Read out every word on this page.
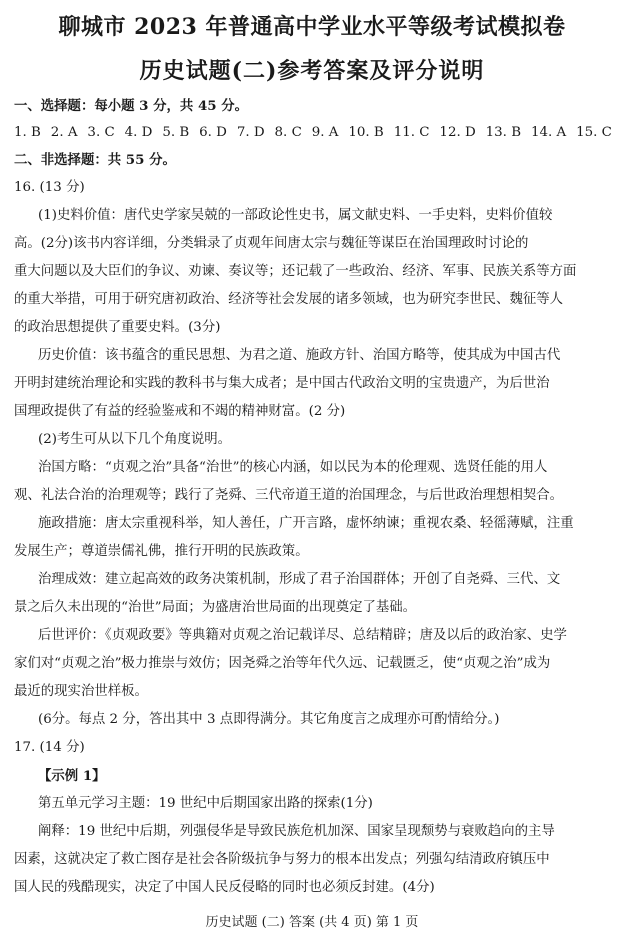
聊城市 2023 年普通高中学业水平等级考试模拟卷
历史试题(二)参考答案及评分说明
一、选择题：每小题 3 分，共 45 分。
1. B 2. A 3. C 4. D 5. B 6. D 7. D 8. C 9. A 10. B 11. C 12. D 13. B 14. A 15. C
二、非选择题：共 55 分。
16. (13 分)
(1)史料价值：唐代史学家吴兢的一部政论性史书，属文献史料、一手史料，史料价值较
高。(2分)该书内容详细，分类辑录了贞观年间唐太宗与魏征等谋臣在治国理政时讨论的
重大问题以及大臣们的争议、劝谏、奏议等；还记载了一些政治、经济、军事、民族关系等方面
的重大举措，可用于研究唐初政治、经济等社会发展的诸多领域，也为研究李世民、魏征等人
的政治思想提供了重要史料。(3分)
历史价值：该书蕴含的重民思想、为君之道、施政方针、治国方略等，使其成为中国古代
开明封建统治理论和实践的教科书与集大成者；是中国古代政治文明的宝贵遗产，为后世治
国理政提供了有益的经验鉴戒和不竭的精神财富。(2 分)
(2)考生可从以下几个角度说明。
治国方略：“贞观之治”具备“治世”的核心内涵，如以民为本的伦理观、选贤任能的用人
观、礼法合治的治理观等；践行了尧舜、三代帝道王道的治国理念，与后世政治理想相契合。
施政措施：唐太宗重视科举，知人善任，广开言路，虚怀纳谏；重视农桑、轻徭薄赋，注重
发展生产；尊道崇儒礼佛，推行开明的民族政策。
治理成效：建立起高效的政务决策机制，形成了君子治国群体；开创了自尧舜、三代、文
景之后久未出现的“治世”局面；为盛唐治世局面的出现奠定了基础。
后世评价：《贞观政要》等典籍对贞观之治记载详尽、总结精辟；唐及以后的政治家、史学
家们对“贞观之治”极力推崇与效仿；因尧舜之治等年代久远、记载匮乏，使“贞观之治”成为
最近的现实治世样板。
(6分。每点 2 分，答出其中 3 点即得满分。其它角度言之成理亦可酌情给分。)
17. (14 分)
【示例 1】
第五单元学习主题：19 世纪中后期国家出路的探索(1分)
阐释：19 世纪中后期，列强侵华是导致民族危机加深、国家呈现颓势与衰败趋向的主导
因素，这就决定了救亡图存是社会各阶级抗争与努力的根本出发点；列强勾结清政府镇压中
国人民的残酷现实，决定了中国人民反侵略的同时也必须反封建。(4分)
历史试题 (二) 答案 (共 4 页) 第 1 页
